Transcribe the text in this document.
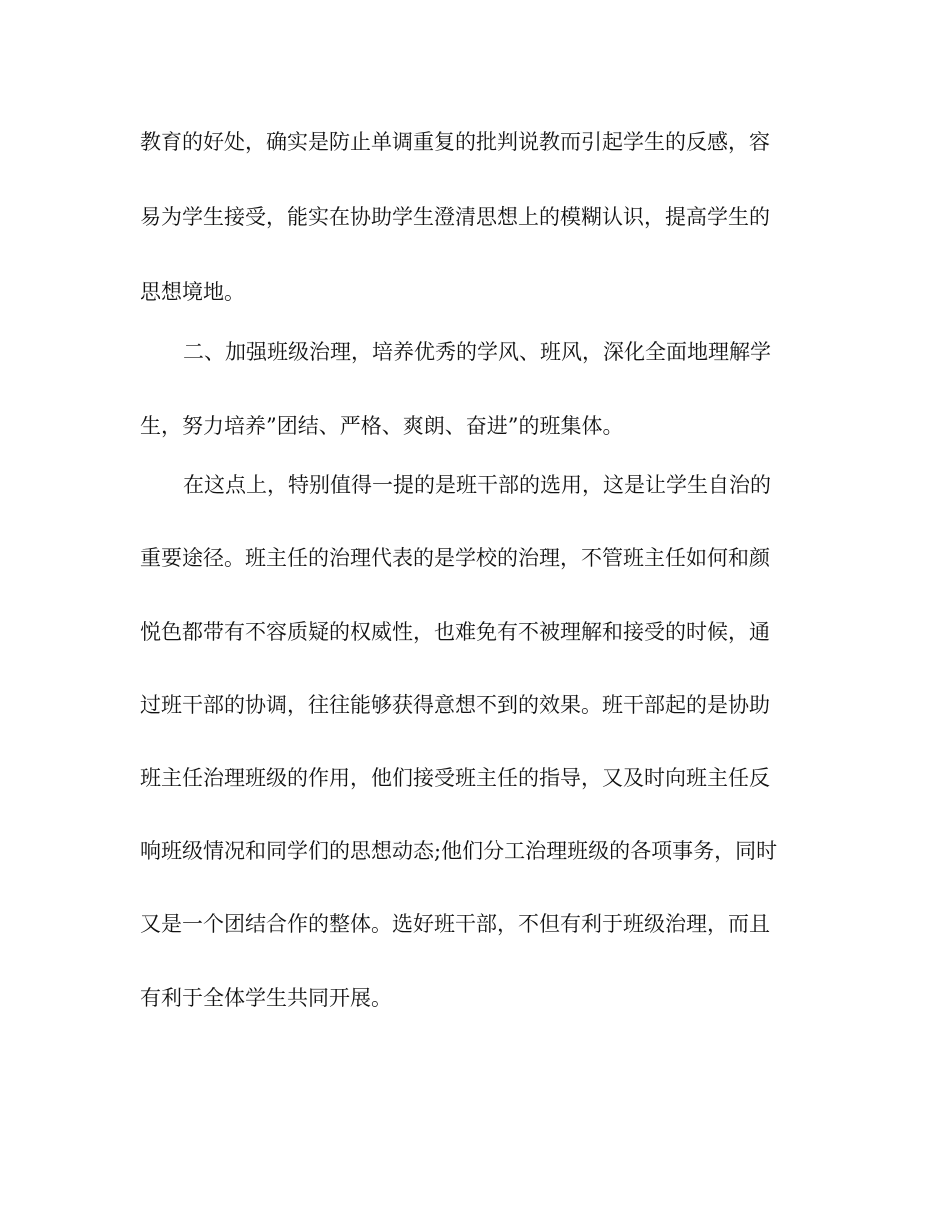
教育的好处，确实是防止单调重复的批判说教而引起学生的反感，容
易为学生接受，能实在协助学生澄清思想上的模糊认识，提高学生的
思想境地。
二、加强班级治理，培养优秀的学风、班风，深化全面地理解学
生，努力培养”团结、严格、爽朗、奋进”的班集体。
在这点上，特别值得一提的是班干部的选用，这是让学生自治的
重要途径。班主任的治理代表的是学校的治理，不管班主任如何和颜
悦色都带有不容质疑的权威性，也难免有不被理解和接受的时候，通
过班干部的协调，往往能够获得意想不到的效果。班干部起的是协助
班主任治理班级的作用，他们接受班主任的指导，又及时向班主任反
响班级情况和同学们的思想动态;他们分工治理班级的各项事务，同时
又是一个团结合作的整体。选好班干部，不但有利于班级治理，而且
有利于全体学生共同开展。
